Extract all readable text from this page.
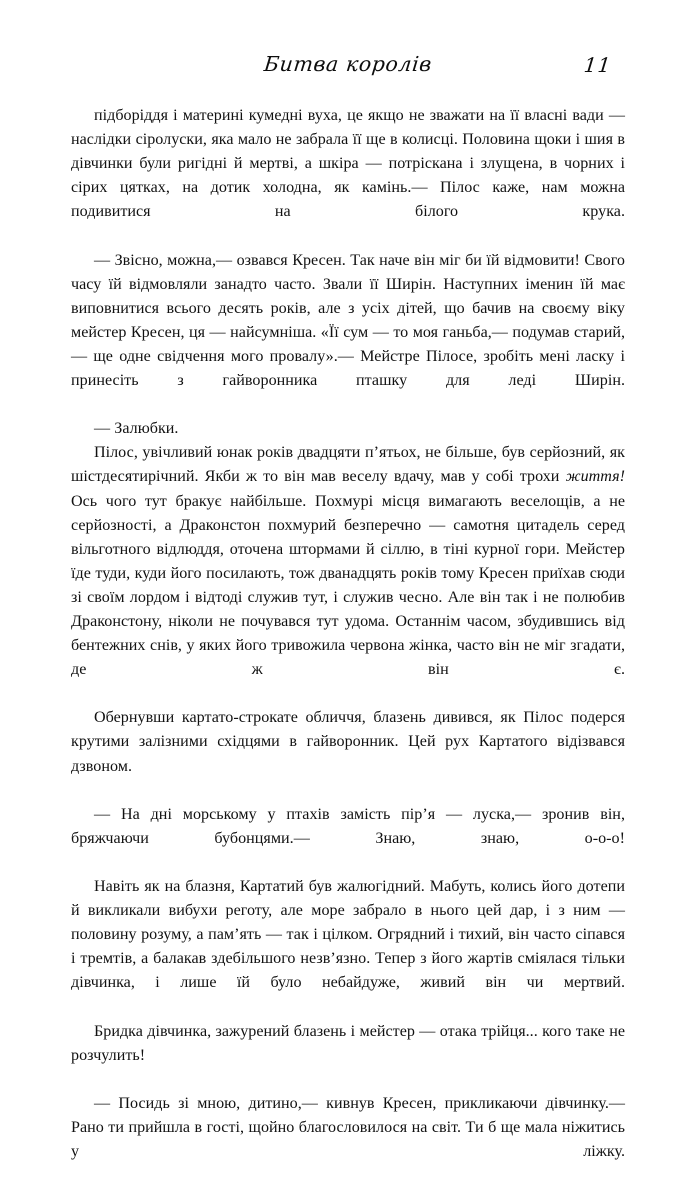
Битва королів	11

підборіддя і материні кумедні вуха, це якщо не зважати на її власні вади — наслідки сіролуски, яка мало не забрала її ще в колисці. Половина щоки і шия в дівчинки були ригідні й мертві, а шкіра — потріскана і злущена, в чорних і сірих цятках, на дотик холодна, як камінь.— Пілос каже, нам можна подивитися на білого крука.

— Звісно, можна,— озвався Кресен. Так наче він міг би їй відмовити! Свого часу їй відмовляли занадто часто. Звали її Ширін. Наступних іменин їй має виповнитися всього десять років, але з усіх дітей, що бачив на своєму віку мейстер Кресен, ця — найсумніша. «Її сум — то моя ганьба,— подумав старий,— ще одне свідчення мого провалу».— Мейстре Пілосе, зробіть мені ласку і принесіть з гайворонника пташку для леді Ширін.

— Залюбки.

Пілос, увічливий юнак років двадцяти п’ятьох, не більше, був серйозний, як шістдесятирічний. Якби ж то він мав веселу вдачу, мав у собі трохи життя! Ось чого тут бракує найбільше. Похмурі місця вимагають веселощів, а не серйозності, а Драконстон похмурий безперечно — самотня цитадель серед вільготного відлюддя, оточена штормами й сіллю, в тіні курної гори. Мейстер їде туди, куди його посилають, тож дванадцять років тому Кресен приїхав сюди зі своїм лордом і відтоді служив тут, і служив чесно. Але він так і не полюбив Драконстону, ніколи не почувався тут удома. Останнім часом, збудившись від бентежних снів, у яких його тривожила червона жінка, часто він не міг згадати, де ж він є.

Обернувши картато-строкате обличчя, блазень дивився, як Пілос подерся крутими залізними східцями в гайворонник. Цей рух Картатого відізвався дзвоном.

— На дні морському у птахів замість пір’я — луска,— зронив він, бряжчаючи бубонцями.— Знаю, знаю, о-о-о!

Навіть як на блазня, Картатий був жалюгідний. Мабуть, колись його дотепи й викликали вибухи реготу, але море забрало в нього цей дар, і з ним — половину розуму, а пам’ять — так і цілком. Огрядний і тихий, він часто сіпався і тремтів, а балакав здебільшого незв’язно. Тепер з його жартів сміялася тільки дівчинка, і лише їй було небайдуже, живий він чи мертвий.

Бридка дівчинка, зажурений блазень і мейстер — отака трійця... кого таке не розчулить!

— Посидь зі мною, дитино,— кивнув Кресен, прикликаючи дівчинку.— Рано ти прийшла в гості, щойно благословилося на світ. Ти б ще мала ніжитись у ліжку.
